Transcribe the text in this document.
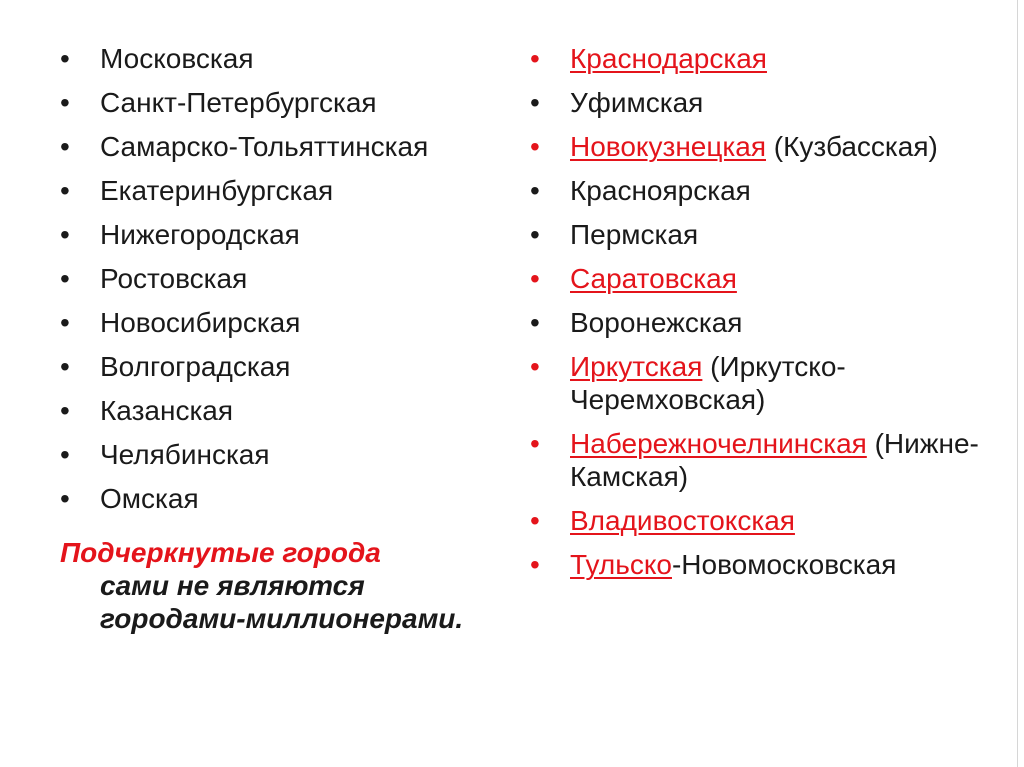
•	Московская
•	Санкт-Петербургская
•	Самарско-Тольяттинская
•	Екатеринбургская
•	Нижегородская
•	Ростовская
•	Новосибирская
•	Волгоградская
•	Казанская
•	Челябинская
•	Омская
Подчеркнутые города
сами не являются городами-миллионерами.
•	Краснодарская
•	Уфимская
•	Новокузнецкая (Кузбасская)
•	Красноярская
•	Пермская
•	Саратовская
•	Воронежская
•	Иркутская (Иркутско-Черемховская)
•	Набережночелнинская (Нижне-Камская)
•	Владивостокская
•	Тульско-Новомосковская
